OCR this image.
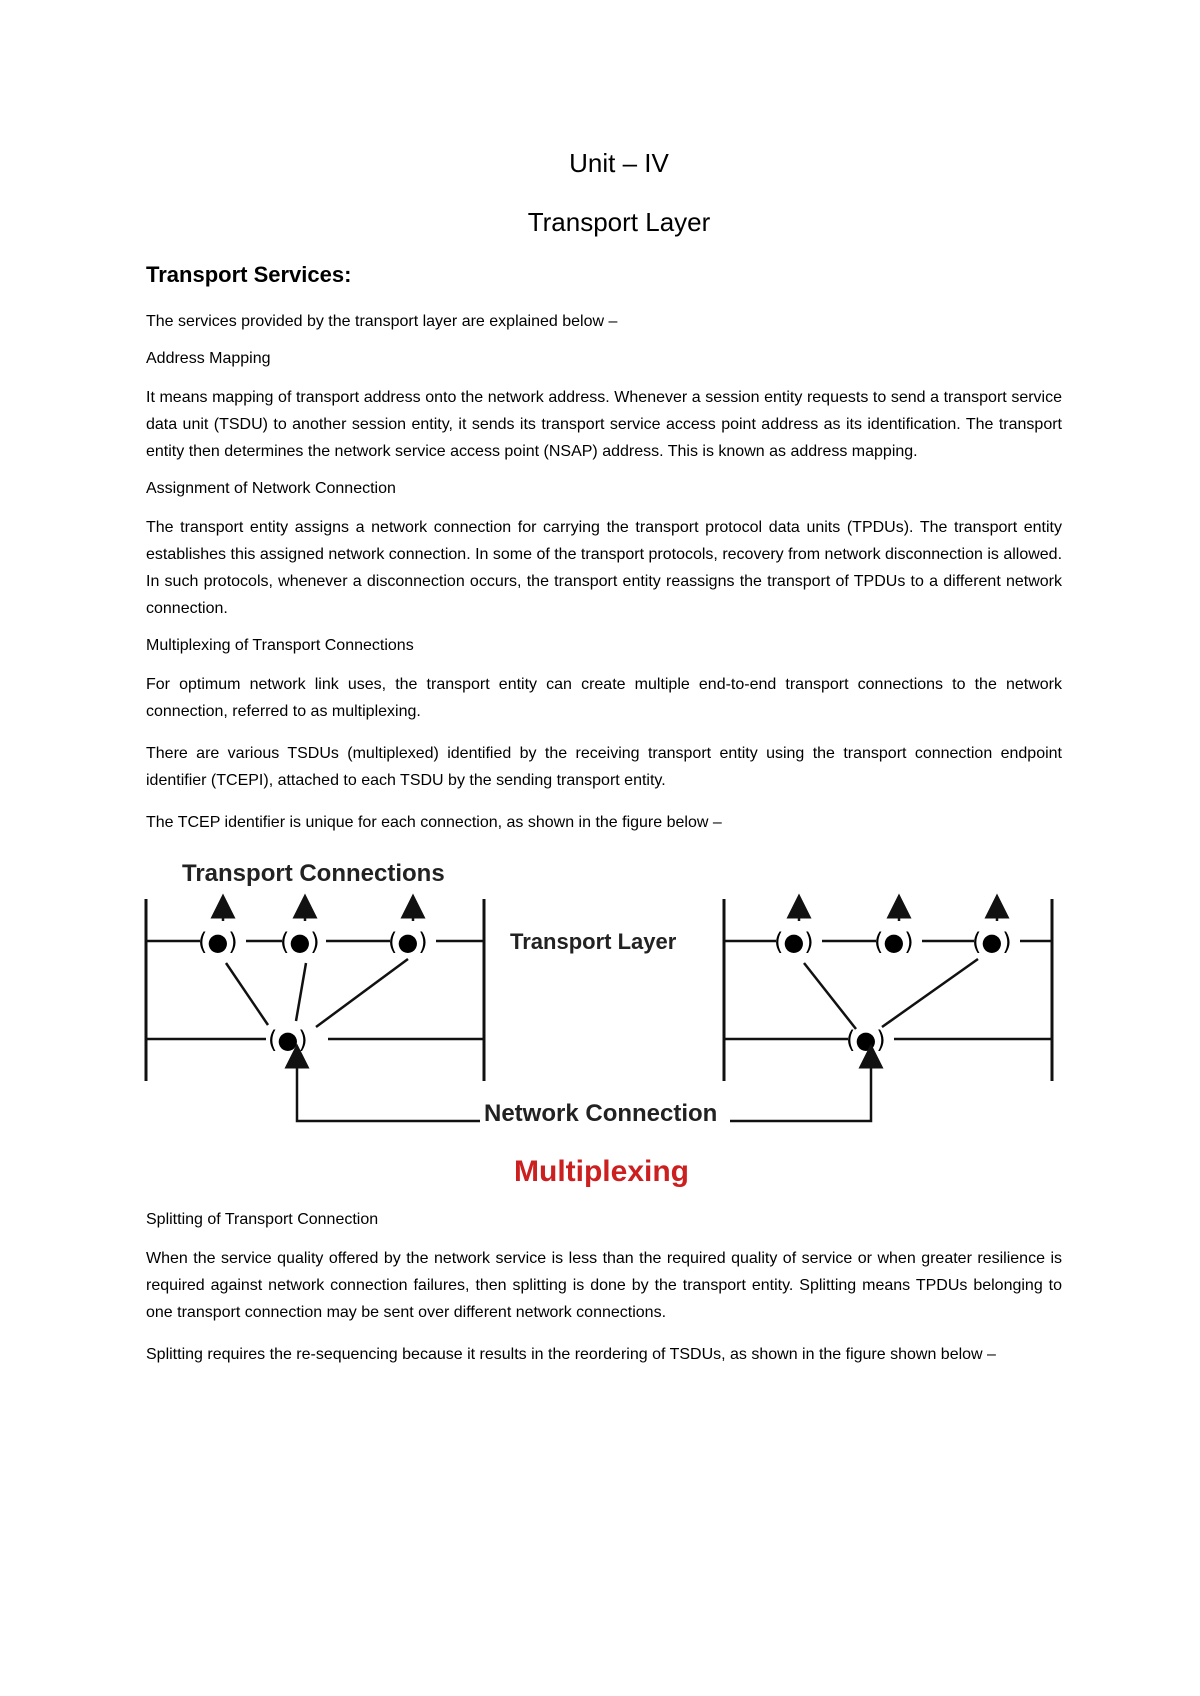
Unit – IV
Transport Layer
Transport Services:

The services provided by the transport layer are explained below –

Address Mapping

It means mapping of transport address onto the network address. Whenever a session entity requests to send a transport service data unit (TSDU) to another session entity, it sends its transport service access point address as its identification. The transport entity then determines the network service access point (NSAP) address. This is known as address mapping.

Assignment of Network Connection

The transport entity assigns a network connection for carrying the transport protocol data units (TPDUs). The transport entity establishes this assigned network connection. In some of the transport protocols, recovery from network disconnection is allowed. In such protocols, whenever a disconnection occurs, the transport entity reassigns the transport of TPDUs to a different network connection.

Multiplexing of Transport Connections

For optimum network link uses, the transport entity can create multiple end-to-end transport connections to the network connection, referred to as multiplexing.

There are various TSDUs (multiplexed) identified by the receiving transport entity using the transport connection endpoint identifier (TCEPI), attached to each TSDU by the sending transport entity.

The TCEP identifier is unique for each connection, as shown in the figure below –

Transport Connections
(●) (●)	(●)
(●)
Transport Layer	(●)	(●) (●)
(●)
Network Connection
Multiplexing
Splitting of Transport Connection

When the service quality offered by the network service is less than the required quality of service or when greater resilience is required against network connection failures, then splitting is done by the transport entity. Splitting means TPDUs belonging to one transport connection may be sent over different network connections.

Splitting requires the re-sequencing because it results in the reordering of TSDUs, as shown in the figure shown below –
